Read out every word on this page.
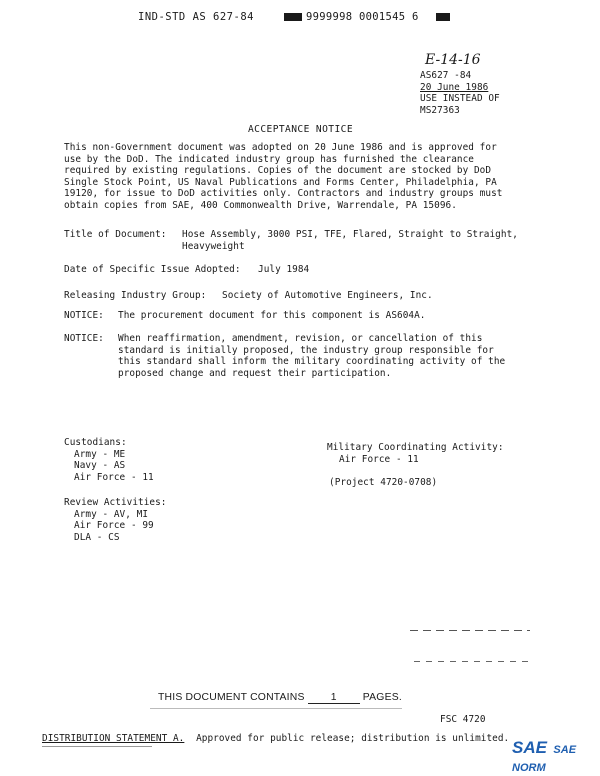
IND-STD AS 627-84	9999998 0001545 6
E-14-16
AS627 -84
20 June 1986
USE INSTEAD OF
MS27363
ACCEPTANCE NOTICE
This non-Government document was adopted on 20 June 1986 and is approved for
use by the DoD. The indicated industry group has furnished the clearance
required by existing regulations. Copies of the document are stocked by DoD
Single Stock Point, US Naval Publications and Forms Center, Philadelphia, PA
19120, for issue to DoD activities only. Contractors and industry groups must
obtain copies from SAE, 400 Commonwealth Drive, Warrendale, PA 15096.
Title of Document: Hose Assembly, 3000 PSI, TFE, Flared, Straight to Straight,
Heavyweight
Date of Specific Issue Adopted: July 1984
Releasing Industry Group: Society of Automotive Engineers, Inc.
NOTICE: The procurement document for this component is AS604A.
NOTICE: When reaffirmation, amendment, revision, or cancellation of this
standard is initially proposed, the industry group responsible for
this standard shall inform the military coordinating activity of the
proposed change and request their participation.
Custodians:
Army - ME
Navy - AS
Air Force - 11
Review Activities:
Army - AV, MI
Air Force - 99
DLA - CS
Military Coordinating Activity:
Air Force - 11
(Project 4720-0708)
THIS DOCUMENT CONTAINS	1	PAGES.
FSC 4720
DISTRIBUTION STATEMENT A. Approved for public release; distribution is unlimited. SAE SAE NORM
